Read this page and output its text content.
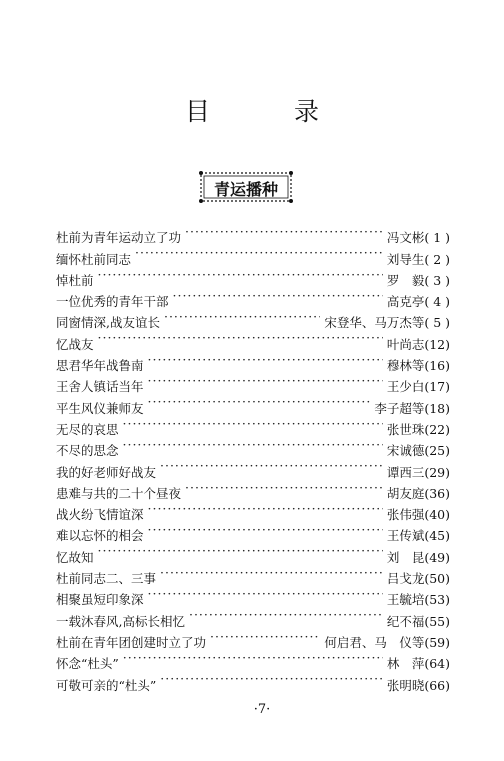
目 录
青运播种
杜前为青年运动立了功 ·····	冯文彬 ( 1 )
缅怀杜前同志 ·····	刘导生 ( 2 )
悼杜前 ·····	罗　毅 ( 3 )
一位优秀的青年干部 ·····	高克亭 ( 4 )
同窗情深,战友谊长 ·····	宋登华、马万杰等 ( 5 )
忆战友 ·····	叶尚志 (12)
思君华年战鲁南 ·····	穆林等 (16)
王舍人镇话当年 ·····	王少白 (17)
平生风仪兼师友 ·····	李子超等 (18)
无尽的哀思 ·····	张世珠 (22)
不尽的思念 ·····	宋诚德 (25)
我的好老师好战友 ·····	谭西三 (29)
患难与共的二十个昼夜 ·····	胡友庭 (36)
战火纷飞情谊深 ·····	张伟强 (40)
难以忘怀的相会 ·····	王传斌 (45)
忆故知 ·····	刘　昆 (49)
杜前同志二、三事 ·····	吕戈龙 (50)
相聚虽短印象深 ·····	王毓培 (53)
一载沐春风,高标长相忆 ·····	纪不福 (55)
杜前在青年团创建时立了功 ·····	何启君、马　仪等 (59)
怀念“杜头” ·····	林　萍 (64)
可敬可亲的“杜头” ·····	张明晓 (66)
·7·
